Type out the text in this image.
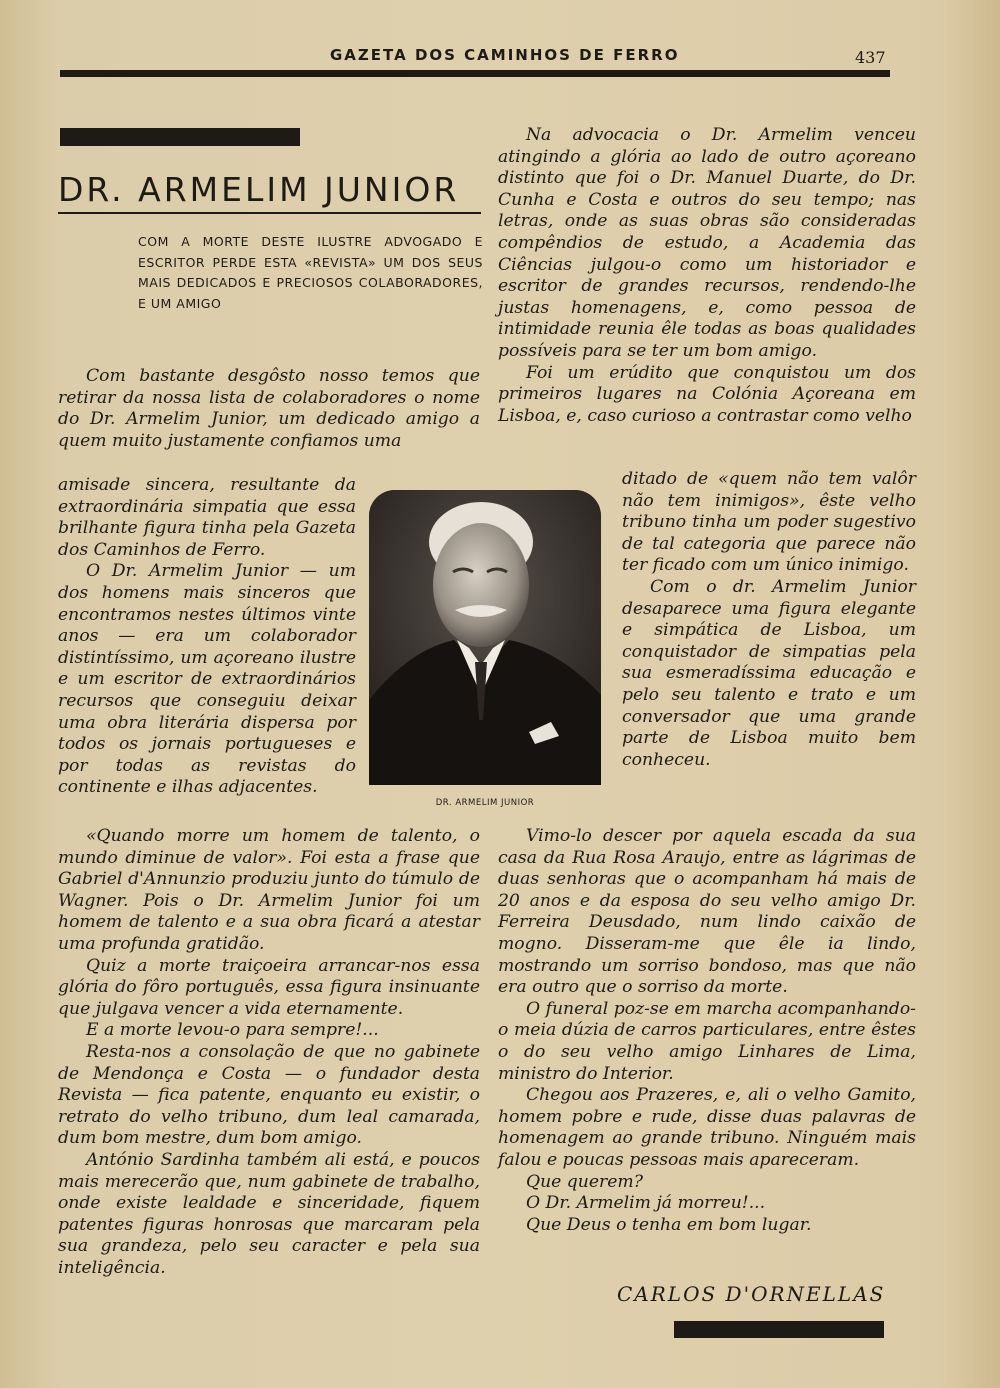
GAZETA DOS CAMINHOS DE FERRO	437
DR. ARMELIM JUNIOR
COM A MORTE DESTE ILUSTRE ADVOGADO E ESCRITOR PERDE ESTA «REVISTA» UM DOS SEUS MAIS DEDICADOS E PRECIOSOS COLABORADORES, E UM AMIGO

Com bastante desgôsto nosso temos que retirar da nossa lista de colaboradores o nome do Dr. Armelim Junior, um dedicado amigo a quem muito justamente confiamos uma

amisade sincera, resultante da extraordinária simpatia que essa brilhante figura tinha pela Gazeta dos Caminhos de Ferro.

O Dr. Armelim Junior — um dos homens mais sinceros que encontramos nestes últimos vinte anos — era um colaborador distintíssimo, um açoreano ilustre e um escritor de extraordinários recursos que conseguiu deixar uma obra literária dispersa por todos os jornais portugueses e por todas as revistas do continente e ilhas adjacentes.

«Quando morre um homem de talento, o mundo diminue de valor». Foi esta a frase que Gabriel d'Annunzio produziu junto do túmulo de Wagner. Pois o Dr. Armelim Junior foi um homem de talento e a sua obra ficará a atestar uma profunda gratidão.

Quiz a morte traiçoeira arrancar-nos essa glória do fôro português, essa figura insinuante que julgava vencer a vida eternamente.

E a morte levou-o para sempre!...

Resta-nos a consolação de que no gabinete de Mendonça e Costa — o fundador desta Revista — fica patente, enquanto eu existir, o retrato do velho tribuno, dum leal camarada, dum bom mestre, dum bom amigo.

António Sardinha também ali está, e poucos mais merecerão que, num gabinete de trabalho, onde existe lealdade e sinceridade, fiquem patentes figuras honrosas que marcaram pela sua grandeza, pelo seu caracter e pela sua inteligência.

DR. ARMELIM JUNIOR

Na advocacia o Dr. Armelim venceu atingindo a glória ao lado de outro açoreano distinto que foi o Dr. Manuel Duarte, do Dr. Cunha e Costa e outros do seu tempo; nas letras, onde as suas obras são consideradas compêndios de estudo, a Academia das Ciências julgou-o como um historiador e escritor de grandes recursos, rendendo-lhe justas homenagens, e, como pessoa de intimidade reunia êle todas as boas qualidades possíveis para se ter um bom amigo.

Foi um erúdito que conquistou um dos primeiros lugares na Colónia Açoreana em Lisboa, e, caso curioso a contrastar como velho

ditado de «quem não tem valôr não tem inimigos», êste velho tribuno tinha um poder sugestivo de tal categoria que parece não ter ficado com um único inimigo.

Com o dr. Armelim Junior desaparece uma figura elegante e simpática de Lisboa, um conquistador de simpatias pela sua esmeradíssima educação e pelo seu talento e trato e um conversador que uma grande parte de Lisboa muito bem conheceu.

Vimo-lo descer por aquela escada da sua casa da Rua Rosa Araujo, entre as lágrimas de duas senhoras que o acompanham há mais de 20 anos e da esposa do seu velho amigo Dr. Ferreira Deusdado, num lindo caixão de mogno. Disseram-me que êle ia lindo, mostrando um sorriso bondoso, mas que não era outro que o sorriso da morte.

O funeral poz-se em marcha acompanhando-o meia dúzia de carros particulares, entre êstes o do seu velho amigo Linhares de Lima, ministro do Interior.

Chegou aos Prazeres, e, ali o velho Gamito, homem pobre e rude, disse duas palavras de homenagem ao grande tribuno. Ninguém mais falou e poucas pessoas mais apareceram.

Que querem?

O Dr. Armelim já morreu!...

Que Deus o tenha em bom lugar.

CARLOS D'ORNELLAS
